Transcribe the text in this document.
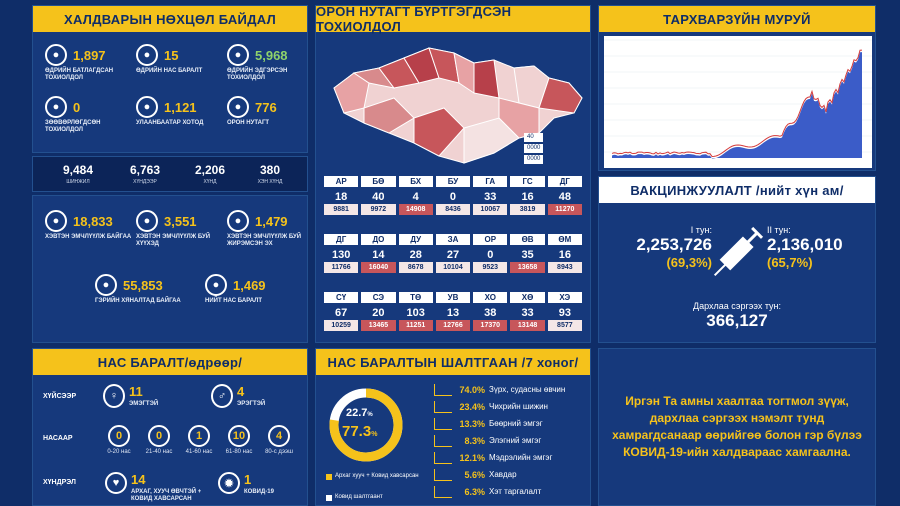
ХАЛДВАРЫН НӨХЦӨЛ БАЙДАЛ
●	1,897
ӨДРИЙН БАТЛАГДСАН ТОХИОЛДОЛ
●	15
ӨДРИЙН НАС БАРАЛТ
●	5,968
ӨДРИЙН ЭДГЭРСЭН ТОХИОЛДОЛ
●	0
ЗӨӨВӨРЛӨГДСӨН ТОХИОЛДОЛ
●	1,121
УЛААНБААТАР ХОТОД
●	776
ОРОН НУТАГТ
9,484
ШИНЖИЛ
6,763
ХҮНДЭЭР
2,206
ХҮНД
380
ХЭН ХҮНД
●	18,833
ХЭВТЭН ЭМЧЛҮҮЛЖ БАЙГАА
●	3,551
ХЭВТЭН ЭМЧЛҮҮЛЖ БУЙ ХҮҮХЭД
●	1,479
ХЭВТЭН ЭМЧЛҮҮЛЖ БУЙ ЖИРЭМСЭН ЭХ
●	55,853
ГЭРИЙН ХЯНАЛТАД БАЙГАА
●	1,469
НИЙТ НАС БАРАЛТ
ОРОН НУТАГТ БҮРТГЭГДСЭН ТОХИОЛДОЛ
40
0000
0000
АР	БӨ	БХ	БУ	ГА	ГС	ДГ
18	40	4	0	33	16	48
9881	9972	14908	8436	10067	3819	11270
ДГ	ДО	ДУ	ЗА	ОР	ӨВ	ӨМ
130	14	28	27	0	35	16
11766	16040	8678	10104	9523	13658	8943
СҮ	СЭ	ТӨ	УВ	ХО	ХӨ	ХЭ
67	20	103	13	38	33	93
10259	13465	11251	12766	17370	13148	8577
ТАРХВАРЗҮЙН МУРУЙ
ВАКЦИНЖУУЛАЛТ /нийт хүн ам/
I тун:
2,253,726
(69,3%)
II тун:
2,136,010
(65,7%)
Дархлаа сэргээх тун:
366,127
НАС БАРАЛТ/өдрөөр/
ХҮЙСЭЭР	♀ 11
ЭМЭГТЭЙ
♂ 4
ЭРЭГТЭЙ
НАСААР	0
0-20 нас
0
21-40 нас
1
41-60 нас
10
61-80 нас
4
80-с дээш
ХҮНДРЭЛ	♥ 14
АРХАГ, ХУУЧ ӨВЧТЭЙ + КОВИД ХАВСАРСАН
✹ 1
КОВИД-19
НАС БАРАЛТЫН ШАЛТГААН /7 хоног/
22.7%
77.3%
Архаг хууч + Ковид хавсарсан
Ковид шалтгаант
74.0% Зүрх, судасны өвчин
23.4% Чихрийн шижин
13.3% Бөөрний эмгэг
8.3% Элэгний эмгэг
12.1% Мэдрэлийн эмгэг
5.6% Хавдар
6.3% Хэт таргалалт
Иргэн Та амны хаалтаа тогтмол зүүж, дархлаа сэргээх нэмэлт тунд хамрагдсанаар өөрийгөө болон гэр бүлээ КОВИД-19-ийн халдвараас хамгаална.
